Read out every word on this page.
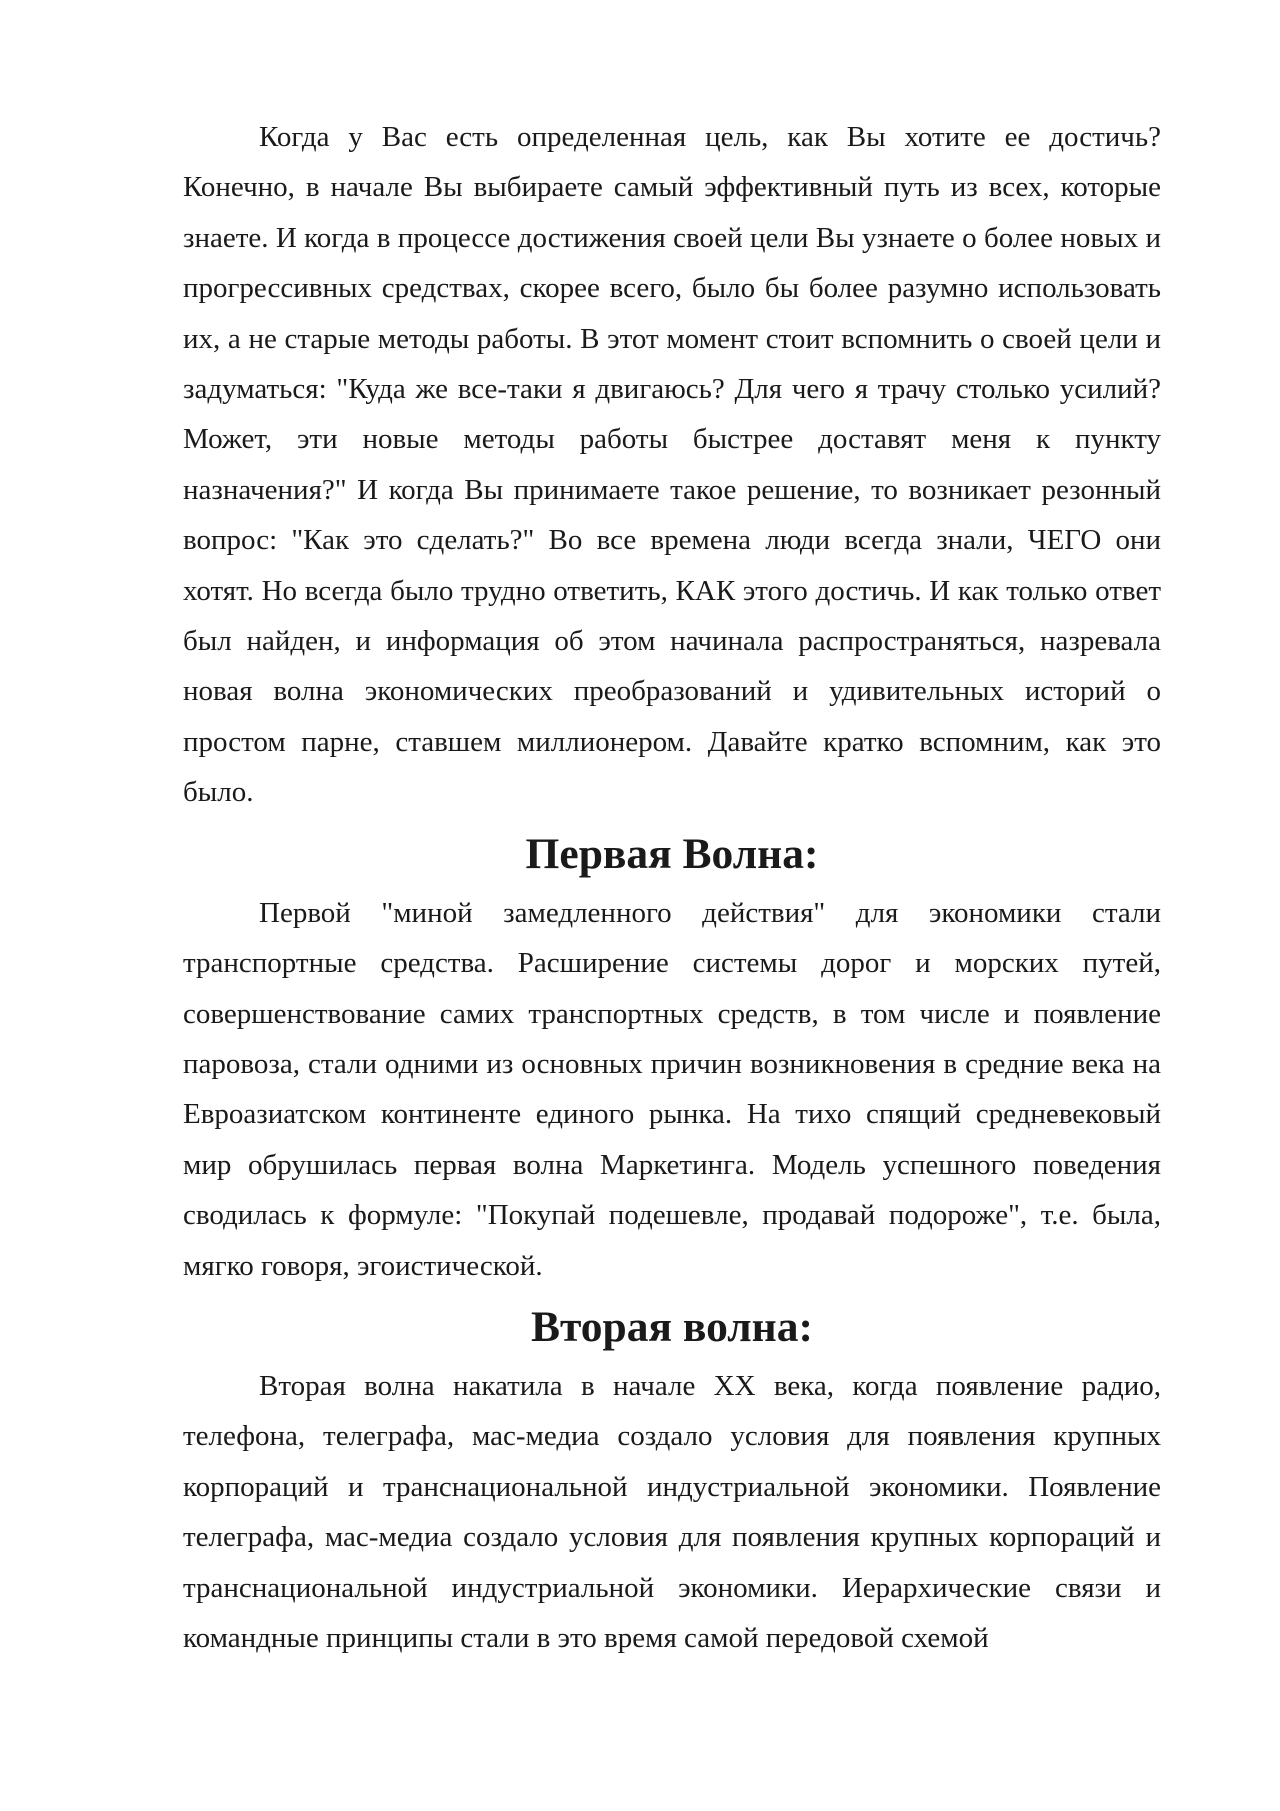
Когда у Вас есть определенная цель, как Вы хотите ее достичь? Конечно, в начале Вы выбираете самый эффективный путь из всех, которые знаете. И когда в процессе достижения своей цели Вы узнаете о более новых и прогрессивных средствах, скорее всего, было бы более разумно использовать их, а не старые методы работы. В этот момент стоит вспомнить о своей цели и задуматься: "Куда же все-таки я двигаюсь? Для чего я трачу столько усилий? Может, эти новые методы работы быстрее доставят меня к пункту назначения?" И когда Вы принимаете такое решение, то возникает резонный вопрос: "Как это сделать?" Во все времена люди всегда знали, ЧЕГО они хотят. Но всегда было трудно ответить, КАК этого достичь. И как только ответ был найден, и информация об этом начинала распространяться, назревала новая волна экономических преобразований и удивительных историй о простом парне, ставшем миллионером. Давайте кратко вспомним, как это было.

Первая Волна:

Первой "миной замедленного действия" для экономики стали транспортные средства. Расширение системы дорог и морских путей, совершенствование самих транспортных средств, в том числе и появление паровоза, стали одними из основных причин возникновения в средние века на Евроазиатском континенте единого рынка. На тихо спящий средневековый мир обрушилась первая волна Маркетинга. Модель успешного поведения сводилась к формуле: "Покупай подешевле, продавай подороже", т.е. была, мягко говоря, эгоистической.

Вторая волна:

Вторая волна накатила в начале XX века, когда появление радио, телефона, телеграфа, мас-медиа создало условия для появления крупных корпораций и транснациональной индустриальной экономики. Появление телеграфа, мас-медиа создало условия для появления крупных корпораций и транснациональной индустриальной экономики. Иерархические связи и командные принципы стали в это время самой передовой схемой
